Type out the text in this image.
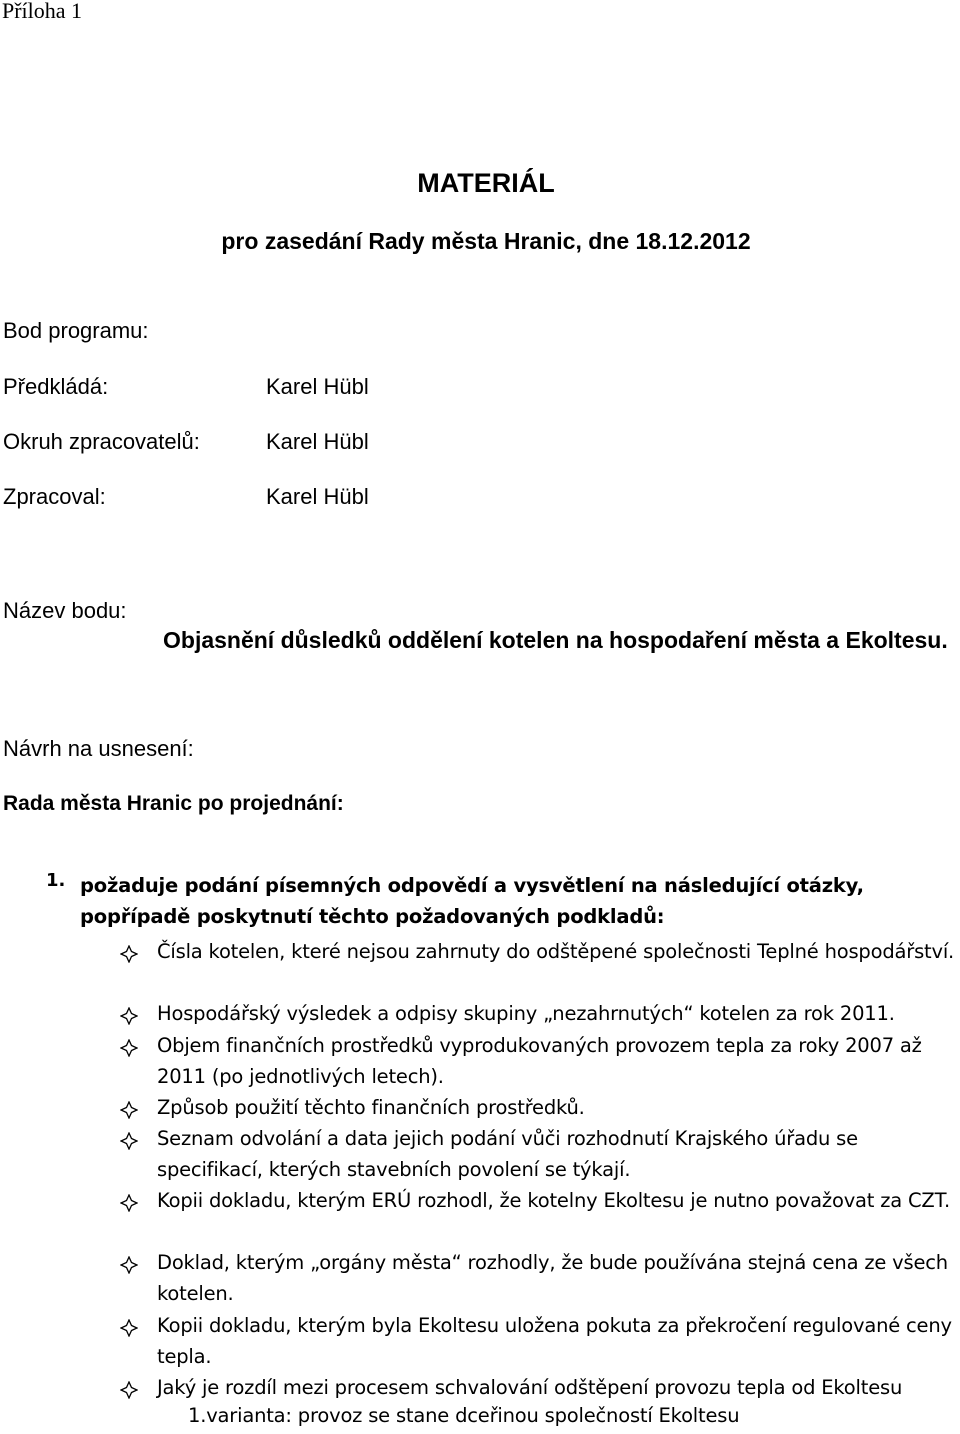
Příloha 1
MATERIÁL
pro zasedání Rady města Hranic, dne 18.12.2012
Bod programu:
Předkládá:	Karel Hübl
Okruh zpracovatelů:	Karel Hübl
Zpracoval:	Karel Hübl
Název bodu:
Objasnění důsledků oddělení kotelen na hospodaření města a Ekoltesu.
Návrh na usnesení:
Rada města Hranic po projednání:
1. požaduje podání písemných odpovědí a vysvětlení na následující otázky, popřípadě poskytnutí těchto požadovaných podkladů:
Čísla kotelen, které nejsou zahrnuty do odštěpené společnosti Teplné hospodářství.
Hospodářský výsledek a odpisy skupiny „nezahrnutých“ kotelen za rok 2011.
Objem finančních prostředků vyprodukovaných provozem tepla za roky 2007 až 2011 (po jednotlivých letech).
Způsob použití těchto finančních prostředků.
Seznam odvolání a data jejich podání vůči rozhodnutí Krajského úřadu se specifikací, kterých stavebních povolení se týkají.
Kopii dokladu, kterým ERÚ rozhodl, že kotelny Ekoltesu je nutno považovat za CZT.
Doklad, kterým „orgány města“ rozhodly, že bude používána stejná cena ze všech kotelen.
Kopii dokladu, kterým byla Ekoltesu uložena pokuta za překročení regulované ceny tepla.
Jaký je rozdíl mezi procesem schvalování odštěpení provozu tepla od Ekoltesu
1.varianta: provoz se stane dceřinou společností Ekoltesu
